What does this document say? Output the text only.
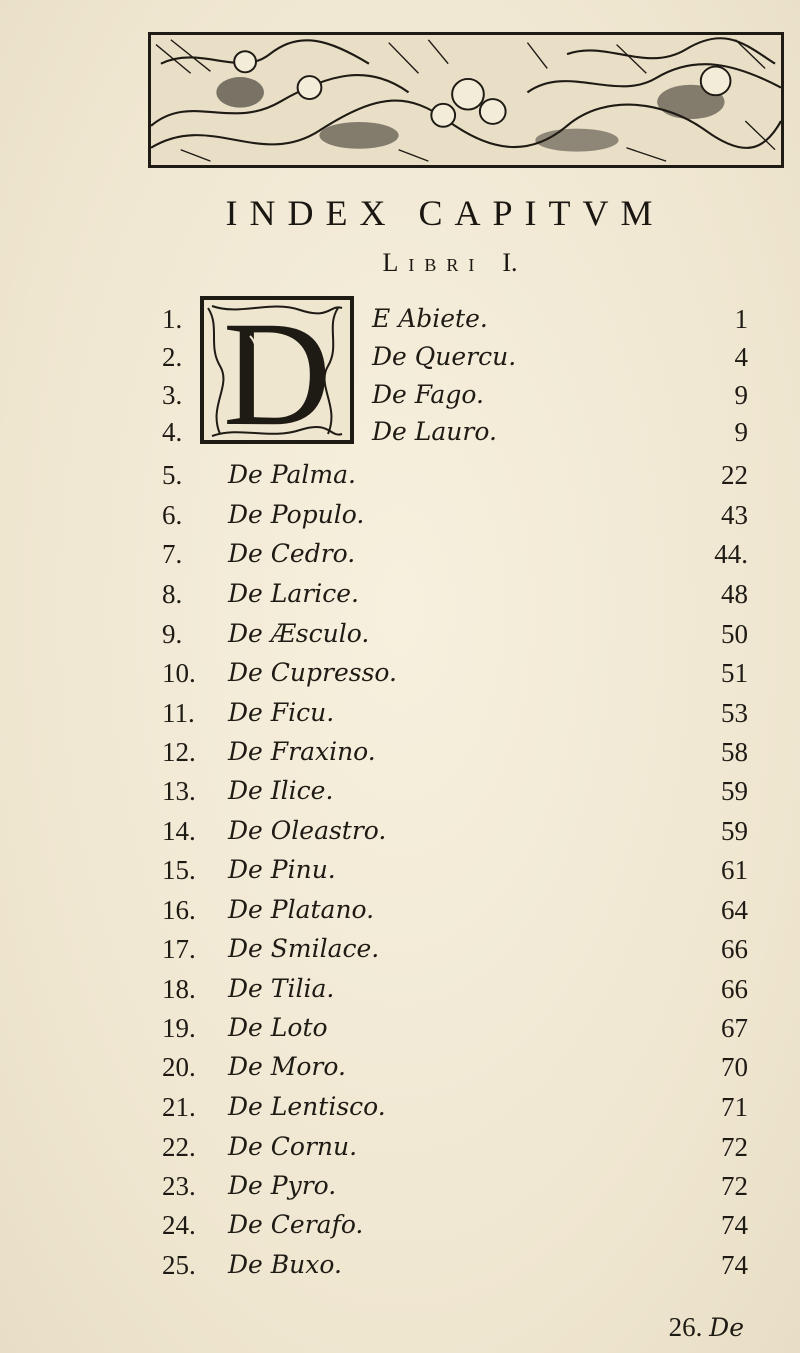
INDEX CAPITVM
Libri I.
D
1.	E Abiete.	1
2.	De Quercu.	4
3.	De Fago.	9
4.	De Lauro.	9
5. De Palma.	22
6. De Populo.	43
7. De Cedro.	44.
8. De Larice.	48
9. De Æsculo.	50
10. De Cupresso.	51
11. De Ficu.	53
12. De Fraxino.	58
13. De Ilice.	59
14. De Oleastro.	59
15. De Pinu.	61
16. De Platano.	64
17. De Smilace.	66
18. De Tilia.	66
19. De Loto	67
20. De Moro.	70
21. De Lentisco.	71
22. De Cornu.	72
23. De Pyro.	72
24. De Cerafo.	74
25. De Buxo.	74
26. De
